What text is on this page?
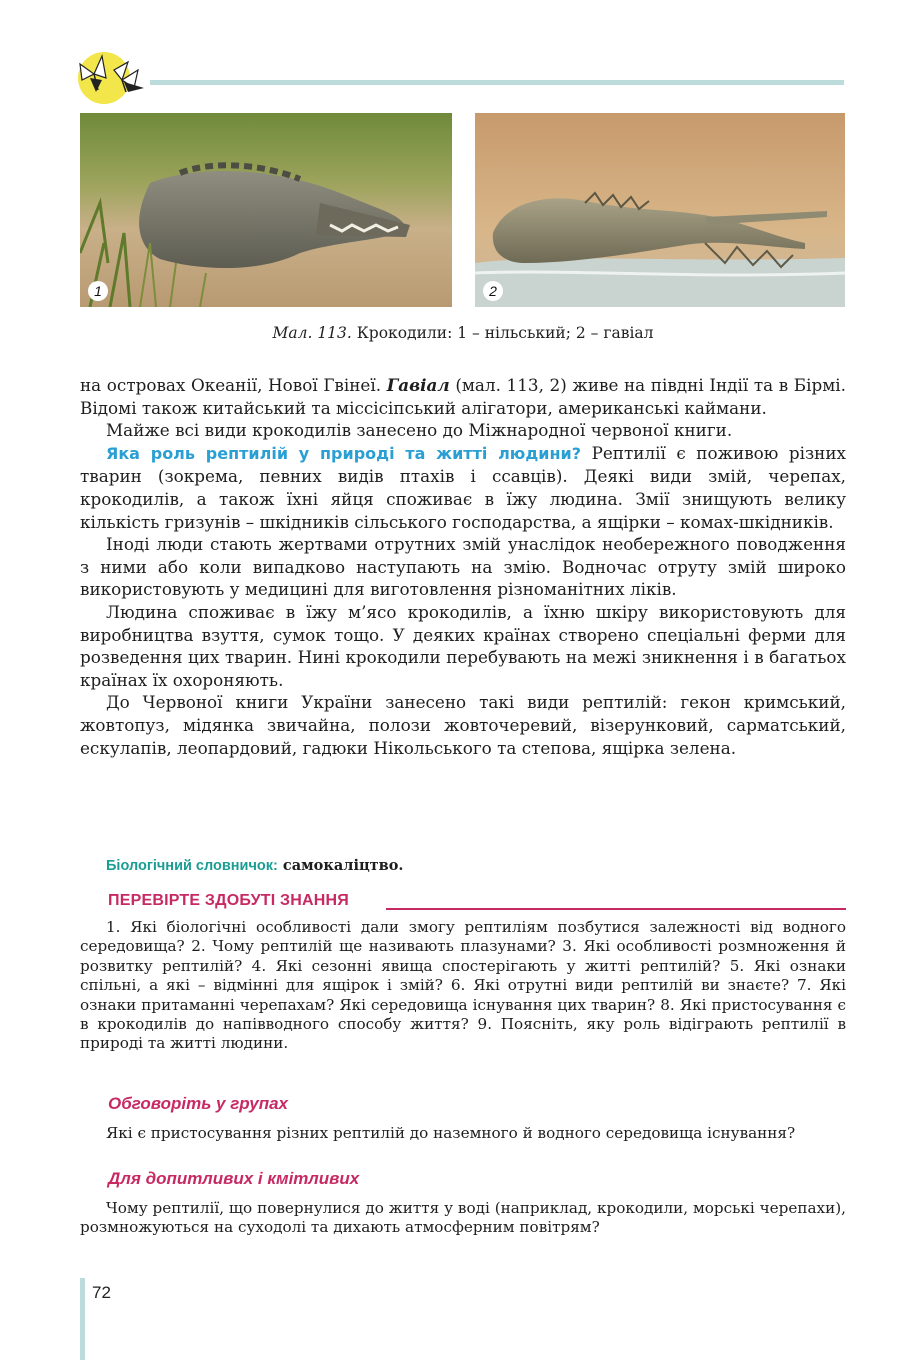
1	2
Мал. 113. Крокодили: 1 – нільський; 2 – гавіал

на островах Океанії, Нової Гвінеї. Гавіал (мал. 113, 2) живе на півдні Індії та в Бірмі. Відомі також китайський та міссісіпський алігатори, американські каймани.

Майже всі види крокодилів занесено до Міжнародної червоної книги.

Яка роль рептилій у природі та житті людини? Рептилії є поживою різних тварин (зокрема, певних видів птахів і ссавців). Деякі види змій, черепах, крокодилів, а також їхні яйця споживає в їжу людина. Змії знищують велику кількість гризунів – шкідників сільського господарства, а ящірки – комах-шкідників.

Іноді люди стають жертвами отрутних змій унаслідок необережного поводження з ними або коли випадково наступають на змію. Водночас отруту змій широко використовують у медицині для виготовлення різноманітних ліків.

Людина споживає в їжу м’ясо крокодилів, а їхню шкіру використовують для виробництва взуття, сумок тощо. У деяких країнах створено спеціальні ферми для розведення цих тварин. Нині крокодили перебувають на межі зникнення і в багатьох країнах їх охороняють.

До Червоної книги України занесено такі види рептилій: гекон кримський, жовтопуз, мідянка звичайна, полози жовточеревий, візерунковий, сарматський, ескулапів, леопардовий, гадюки Нікольського та степова, ящірка зелена.

Біологічний словничок: самокаліцтво.
ПЕРЕВІРТЕ ЗДОБУТІ ЗНАННЯ

1. Які біологічні особливості дали змогу рептиліям позбутися залежності від водного середовища? 2. Чому рептилій ще називають плазунами? 3. Які особливості розмноження й розвитку рептилій? 4. Які сезонні явища спостерігають у житті рептилій? 5. Які ознаки спільні, а які – відмінні для ящірок і змій? 6. Які отрутні види рептилій ви знаєте? 7. Які ознаки притаманні черепахам? Які середовища існування цих тварин? 8. Які пристосування є в крокодилів до напівводного способу життя? 9. Поясніть, яку роль відіграють рептилії в природі та житті людини.

Обговоріть у групах

Які є пристосування різних рептилій до наземного й водного середовища існування?

Для допитливих і кмітливих

Чому рептилії, що повернулися до життя у воді (наприклад, крокодили, морські черепахи), розмножуються на суходолі та дихають атмосферним повітрям?

72
